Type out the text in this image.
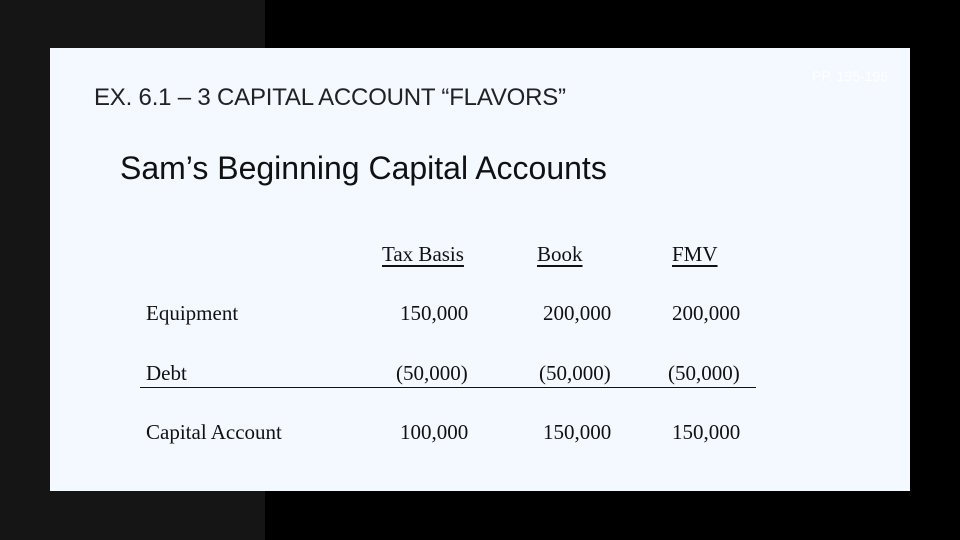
PP. 195-196
EX. 6.1 – 3 CAPITAL ACCOUNT “FLAVORS”
Sam’s Beginning Capital Accounts
Tax Basis	Book	FMV
Equipment	150,000	200,000	200,000
Debt	(50,000)	(50,000)	(50,000)
Capital Account	100,000	150,000	150,000
